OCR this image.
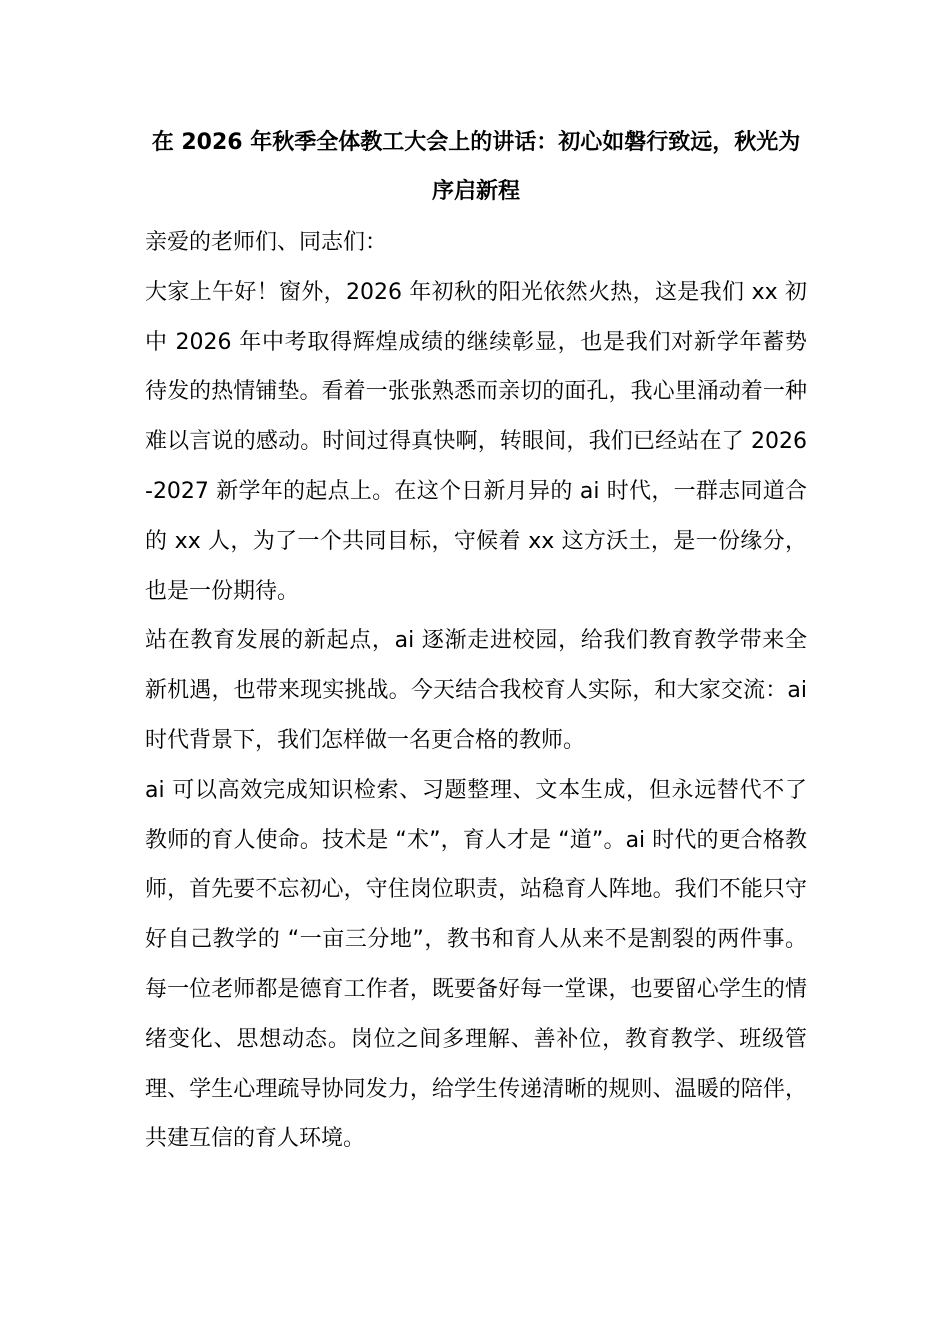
在 2026 年秋季全体教工大会上的讲话：初心如磐行致远，秋光为序启新程

亲爱的老师们、同志们：

大家上午好！窗外，2026 年初秋的阳光依然火热，这是我们 xx 初中 2026 年中考取得辉煌成绩的继续彰显，也是我们对新学年蓄势待发的热情铺垫。看着一张张熟悉而亲切的面孔，我心里涌动着一种难以言说的感动。时间过得真快啊，转眼间，我们已经站在了 2026-2027 新学年的起点上。在这个日新月异的 ai 时代，一群志同道合的 xx 人，为了一个共同目标，守候着 xx 这方沃土，是一份缘分，也是一份期待。

站在教育发展的新起点，ai 逐渐走进校园，给我们教育教学带来全新机遇，也带来现实挑战。今天结合我校育人实际，和大家交流：ai 时代背景下，我们怎样做一名更合格的教师。

ai 可以高效完成知识检索、习题整理、文本生成，但永远替代不了教师的育人使命。技术是 “术”，育人才是 “道”。ai 时代的更合格教师，首先要不忘初心，守住岗位职责，站稳育人阵地。我们不能只守好自己教学的 “一亩三分地”，教书和育人从来不是割裂的两件事。每一位老师都是德育工作者，既要备好每一堂课，也要留心学生的情绪变化、思想动态。岗位之间多理解、善补位，教育教学、班级管理、学生心理疏导协同发力，给学生传递清晰的规则、温暖的陪伴，共建互信的育人环境。
